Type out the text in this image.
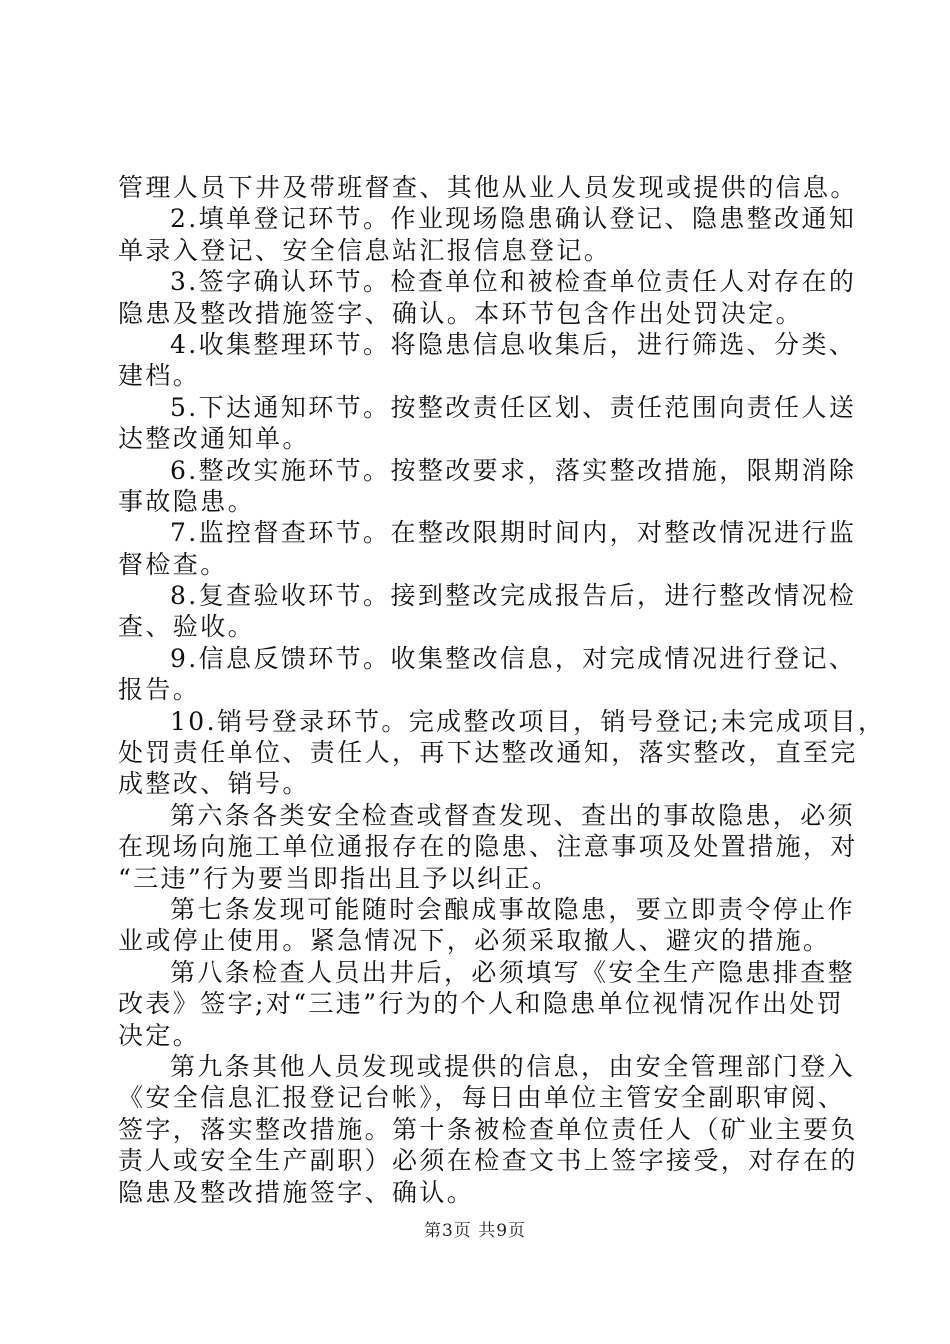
管理人员下井及带班督查、其他从业人员发现或提供的信息。
2.填单登记环节。作业现场隐患确认登记、隐患整改通知
单录入登记、安全信息站汇报信息登记。
3.签字确认环节。检查单位和被检查单位责任人对存在的
隐患及整改措施签字、确认。本环节包含作出处罚决定。
4.收集整理环节。将隐患信息收集后，进行筛选、分类、
建档。
5.下达通知环节。按整改责任区划、责任范围向责任人送
达整改通知单。
6.整改实施环节。按整改要求，落实整改措施，限期消除
事故隐患。
7.监控督查环节。在整改限期时间内，对整改情况进行监
督检查。
8.复查验收环节。接到整改完成报告后，进行整改情况检
查、验收。
9.信息反馈环节。收集整改信息，对完成情况进行登记、
报告。
10.销号登录环节。完成整改项目，销号登记;未完成项目，
处罚责任单位、责任人，再下达整改通知，落实整改，直至完
成整改、销号。
第六条各类安全检查或督查发现、查出的事故隐患，必须
在现场向施工单位通报存在的隐患、注意事项及处置措施，对
“三违”行为要当即指出且予以纠正。
第七条发现可能随时会酿成事故隐患，要立即责令停止作
业或停止使用。紧急情况下，必须采取撤人、避灾的措施。
第八条检查人员出井后，必须填写《安全生产隐患排查整
改表》签字;对“三违”行为的个人和隐患单位视情况作出处罚
决定。
第九条其他人员发现或提供的信息，由安全管理部门登入
《安全信息汇报登记台帐》，每日由单位主管安全副职审阅、
签字，落实整改措施。第十条被检查单位责任人（矿业主要负
责人或安全生产副职）必须在检查文书上签字接受，对存在的
隐患及整改措施签字、确认。
第3页 共9页
